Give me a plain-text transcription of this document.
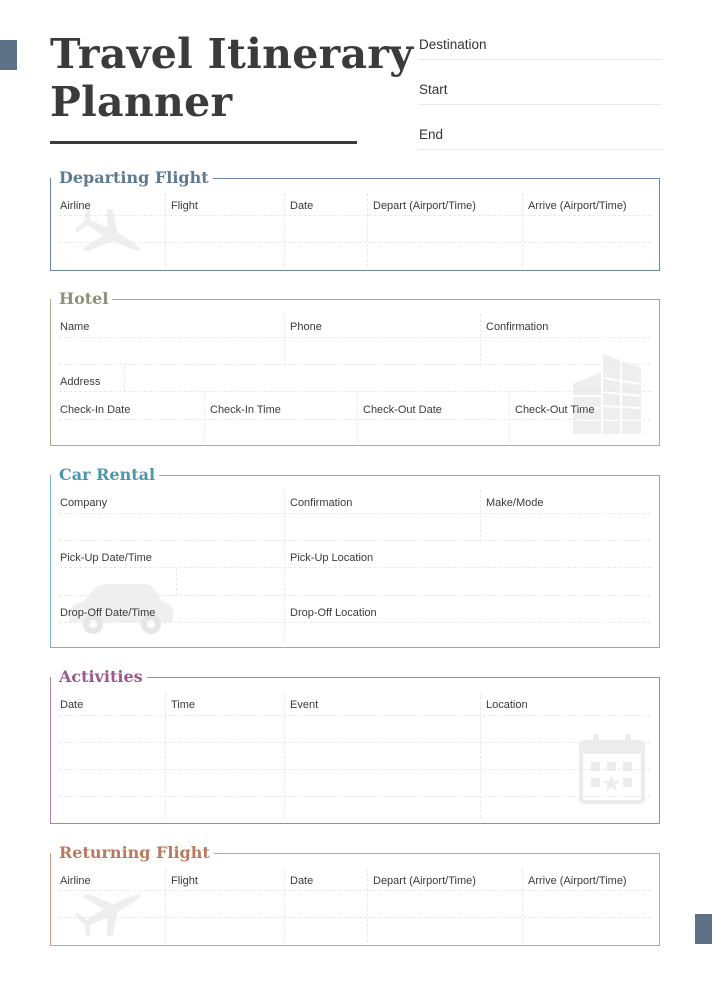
Travel Itinerary
Planner
Destination
Start
End
Departing Flight
Airline	Flight	Date	Depart (Airport/Time)	Arrive (Airport/Time)
Hotel
Name	Phone	Confirmation
Address
Check-In Date	Check-In Time	Check-Out Date	Check-Out Time
Car Rental
Company	Confirmation	Make/Mode
Pick-Up Date/Time	Pick-Up Location
Drop-Off Date/Time	Drop-Off Location
Activities
Date	Time	Event	Location
Returning Flight
Airline	Flight	Date	Depart (Airport/Time)	Arrive (Airport/Time)
